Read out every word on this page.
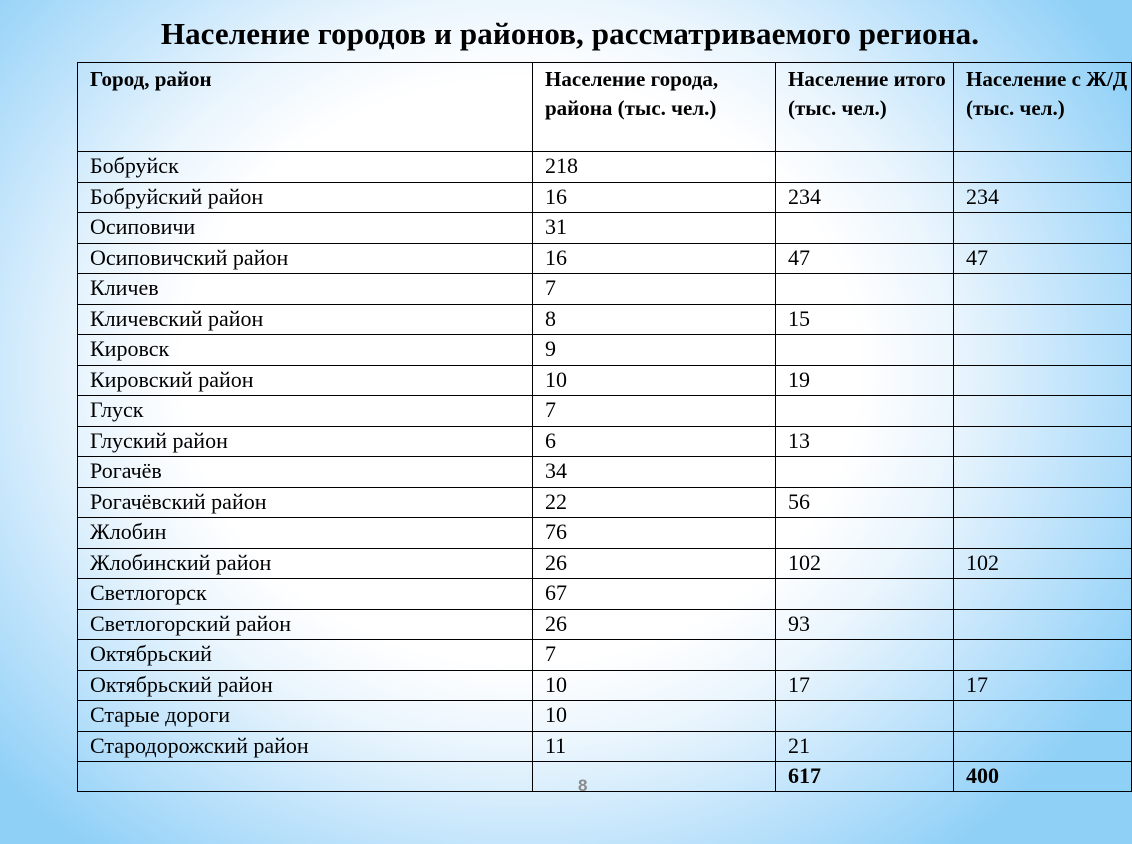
Население городов и районов, рассматриваемого региона.
Город, район	Население города, района (тыс. чел.)	Население итого (тыс. чел.)	Население с Ж/Д (тыс. чел.)
Бобруйск	218		
Бобруйский район	16	234	234
Осиповичи	31		
Осиповичский район	16	47	47
Кличев	7		
Кличевский район	8	15	
Кировск	9		
Кировский район	10	19	
Глуск	7		
Глуский район	6	13	
Рогачёв	34		
Рогачёвский район	22	56	
Жлобин	76		
Жлобинский район	26	102	102
Светлогорск	67		
Светлогорский район	26	93	
Октябрьский	7		
Октябрьский район	10	17	17
Старые дороги	10		
Стародорожский район	11	21	
		617	400
8
